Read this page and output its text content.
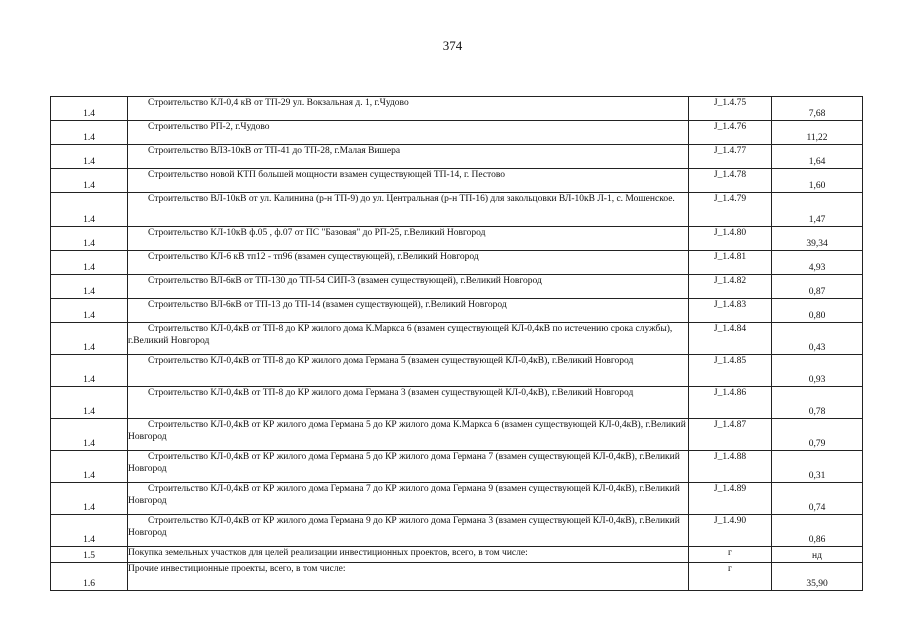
374
1.4	Строительство КЛ-0,4 кВ от ТП-29 ул. Вокзальная д. 1, г.Чудово	J_1.4.75	7,68
1.4	Строительство РП-2, г.Чудово	J_1.4.76	11,22
1.4	Строительство ВЛЗ-10кВ от ТП-41 до ТП-28, г.Малая Вишера	J_1.4.77	1,64
1.4	Строительство новой КТП большей мощности взамен существующей ТП-14, г. Пестово	J_1.4.78	1,60
1.4	Строительство ВЛ-10кВ от ул. Калинина (р-н ТП-9) до ул. Центральная (р-н ТП-16) для закольцовки ВЛ-10кВ Л-1, с. Мошенское.	J_1.4.79	1,47
1.4	Строительство КЛ-10кВ ф.05 , ф.07 от ПС "Базовая" до РП-25, г.Великий Новгород	J_1.4.80	39,34
1.4	Строительство КЛ-6 кВ тп12 - тп96 (взамен существующей), г.Великий Новгород	J_1.4.81	4,93
1.4	Строительство ВЛ-6кВ от ТП-130 до ТП-54 СИП-3 (взамен существующей), г.Великий Новгород	J_1.4.82	0,87
1.4	Строительство ВЛ-6кВ от ТП-13 до ТП-14 (взамен существующей), г.Великий Новгород	J_1.4.83	0,80
1.4	Строительство КЛ-0,4кВ от ТП-8 до КР жилого дома К.Маркса 6 (взамен существующей КЛ-0,4кВ по истечению срока службы), г.Великий Новгород	J_1.4.84	0,43
1.4	Строительство КЛ-0,4кВ от ТП-8 до КР жилого дома Германа 5 (взамен существующей КЛ-0,4кВ), г.Великий Новгород	J_1.4.85	0,93
1.4	Строительство КЛ-0,4кВ от ТП-8 до КР жилого дома Германа 3 (взамен существующей КЛ-0,4кВ), г.Великий Новгород	J_1.4.86	0,78
1.4	Строительство КЛ-0,4кВ от КР жилого дома Германа 5 до КР жилого дома К.Маркса 6 (взамен существующей КЛ-0,4кВ), г.Великий Новгород	J_1.4.87	0,79
1.4	Строительство КЛ-0,4кВ от КР жилого дома Германа 5 до КР жилого дома Германа 7 (взамен существующей КЛ-0,4кВ), г.Великий Новгород	J_1.4.88	0,31
1.4	Строительство КЛ-0,4кВ от КР жилого дома Германа 7 до КР жилого дома Германа 9 (взамен существующей КЛ-0,4кВ), г.Великий Новгород	J_1.4.89	0,74
1.4	Строительство КЛ-0,4кВ от КР жилого дома Германа 9 до КР жилого дома Германа 3 (взамен существующей КЛ-0,4кВ), г.Великий Новгород	J_1.4.90	0,86
1.5	Покупка земельных участков для целей реализации инвестиционных проектов, всего, в том числе:	г	нд
1.6	Прочие инвестиционные проекты, всего, в том числе:	г	35,90
